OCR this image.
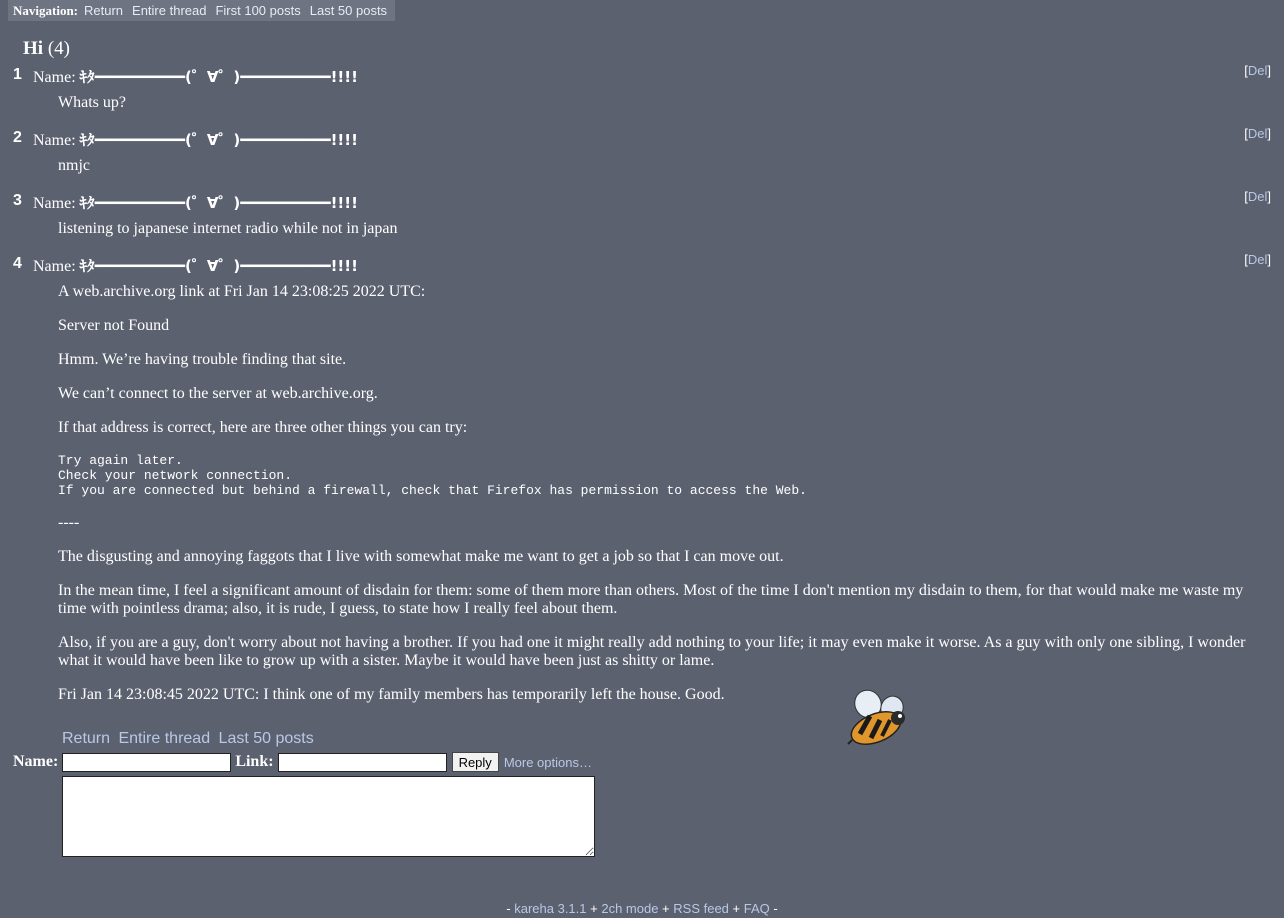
Navigation: Return Entire thread First 100 posts Last 50 posts
Hi (4)
1 Name: ｷﾀ━━━━━━━━━━(゜∀゜)━━━━━━━━━━!!!!	[Del]

Whats up?

2 Name: ｷﾀ━━━━━━━━━━(゜∀゜)━━━━━━━━━━!!!!	[Del]

nmjc

3 Name: ｷﾀ━━━━━━━━━━(゜∀゜)━━━━━━━━━━!!!!	[Del]

listening to japanese internet radio while not in japan

4 Name: ｷﾀ━━━━━━━━━━(゜∀゜)━━━━━━━━━━!!!!	[Del]

A web.archive.org link at Fri Jan 14 23:08:25 2022 UTC:

Server not Found

Hmm. We’re having trouble finding that site.

We can’t connect to the server at web.archive.org.

If that address is correct, here are three other things you can try:

Try again later.
Check your network connection.
If you are connected but behind a firewall, check that Firefox has permission to access the Web.

----

The disgusting and annoying faggots that I live with somewhat make me want to get a job so that I can move out.

In the mean time, I feel a significant amount of disdain for them: some of them more than others. Most of the time I don't mention my disdain to them, for that would make me waste my time with pointless drama; also, it is rude, I guess, to state how I really feel about them.

Also, if you are a guy, don't worry about not having a brother. If you had one it might really add nothing to your life; it may even make it worse. As a guy with only one sibling, I wonder what it would have been like to grow up with a sister. Maybe it would have been just as shitty or lame.

Fri Jan 14 23:08:45 2022 UTC: I think one of my family members has temporarily left the house. Good.

Return Entire thread Last 50 posts
Name:	Link:	Reply More options…
- kareha 3.1.1 + 2ch mode + RSS feed + FAQ -
